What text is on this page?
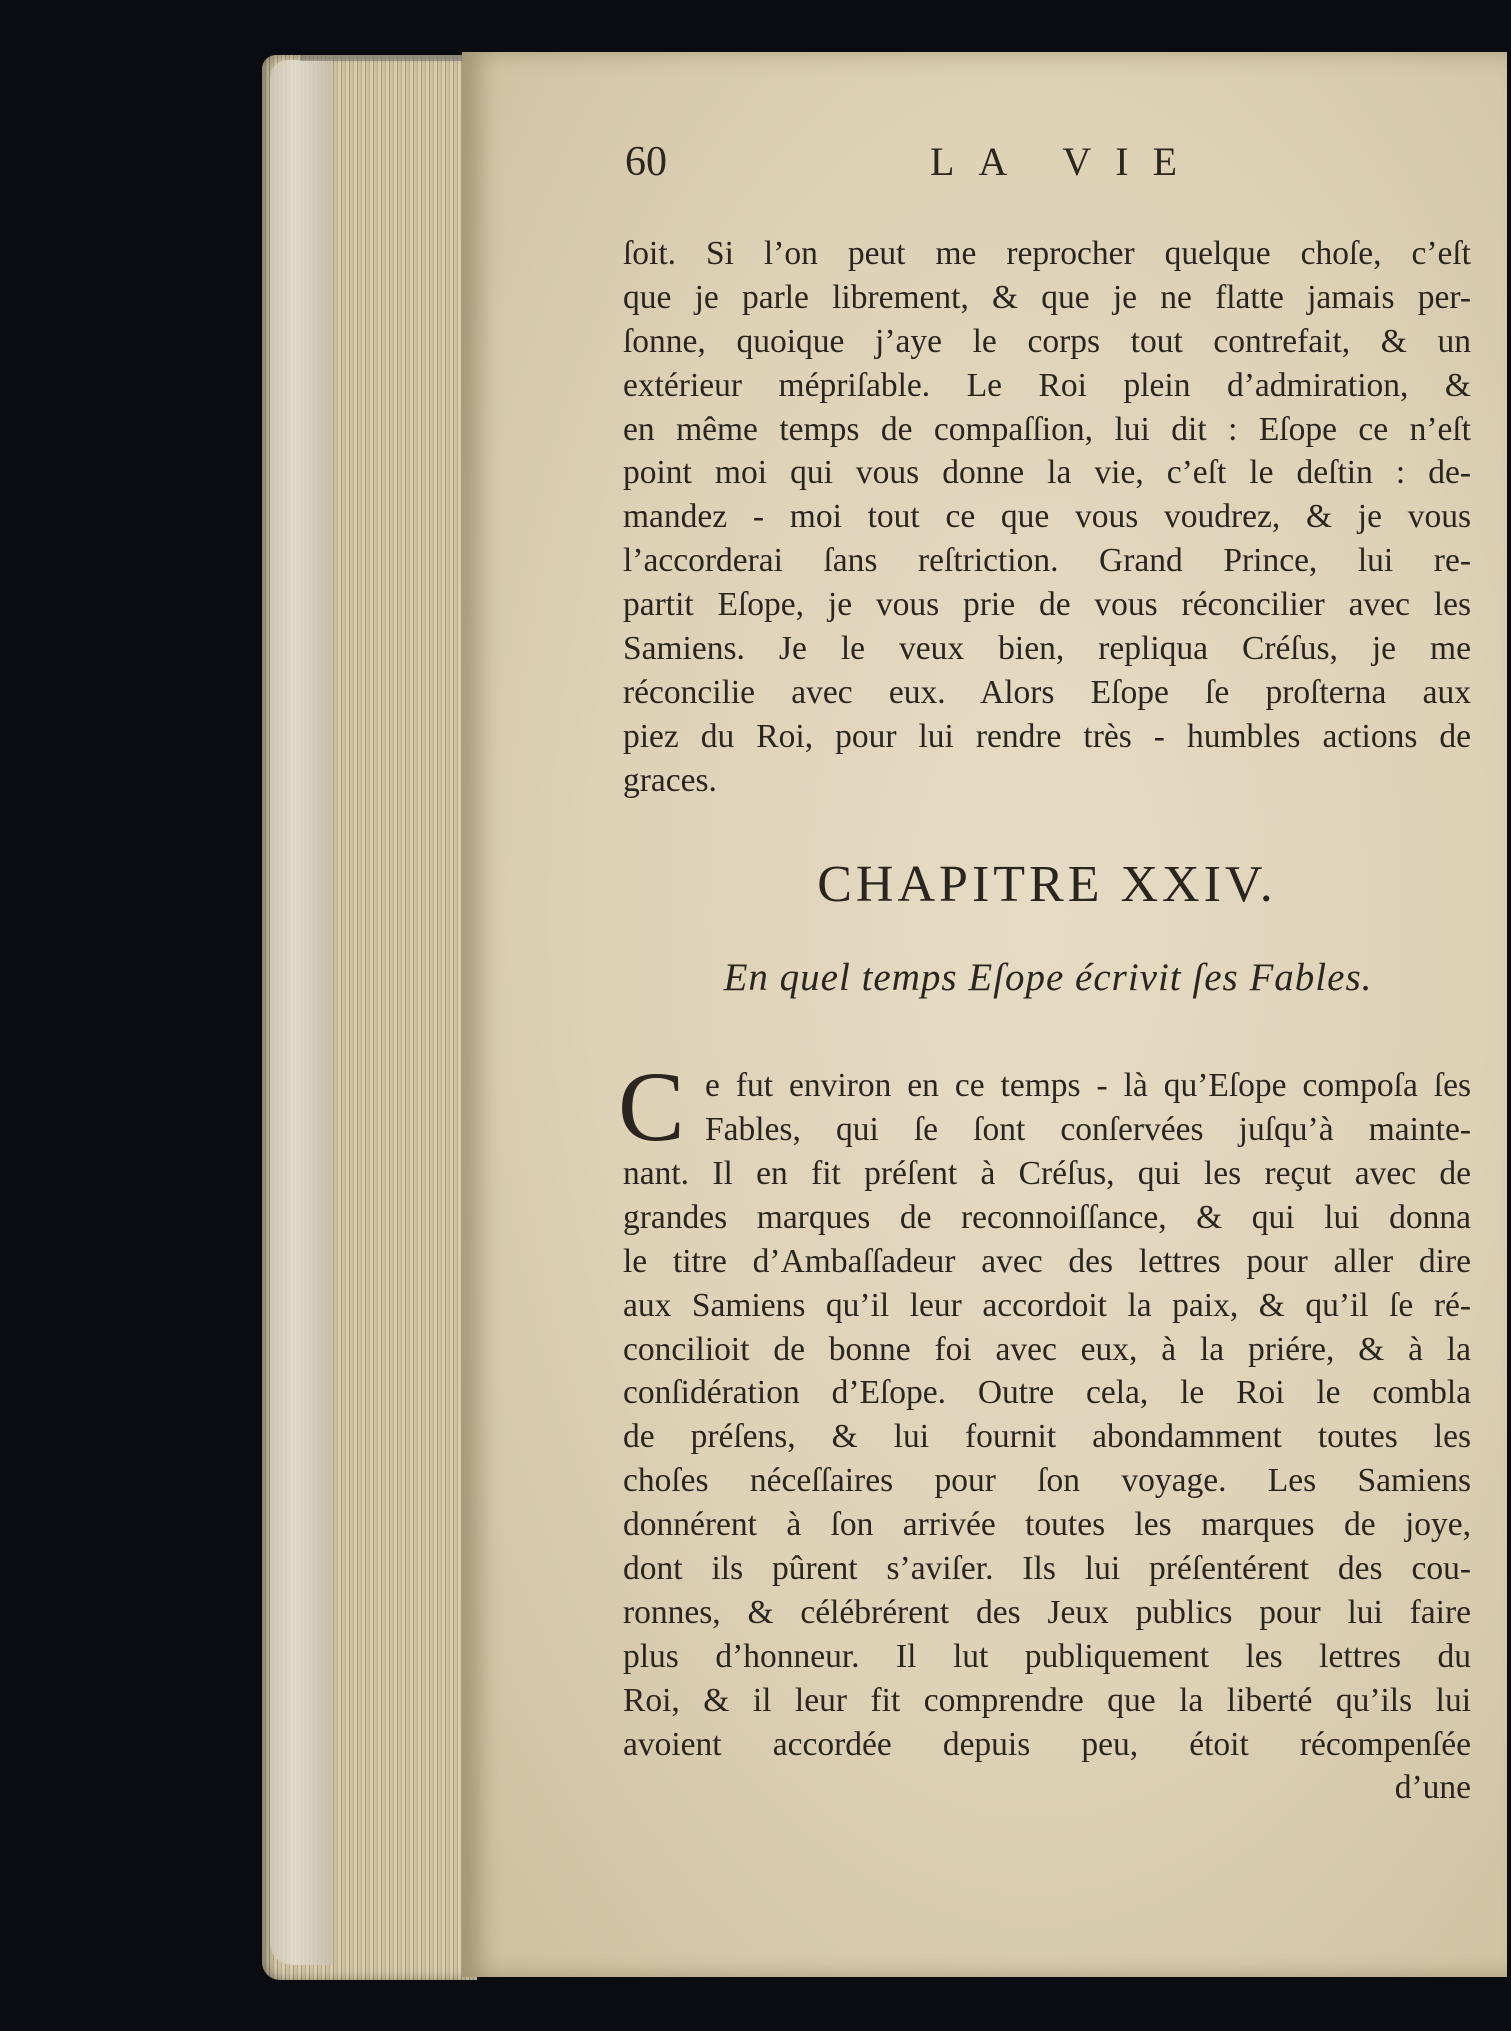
60	LA VIE
ſoit. Si l’on peut me reprocher quelque choſe, c’eſt
que je parle librement, & que je ne flatte jamais per-
ſonne, quoique j’aye le corps tout contrefait, & un
extérieur mépriſable. Le Roi plein d’admiration, &
en même temps de compaſſion, lui dit : Eſope ce n’eſt
point moi qui vous donne la vie, c’eſt le deſtin : de-
mandez - moi tout ce que vous voudrez, & je vous
l’accorderai ſans reſtriction. Grand Prince, lui re-
partit Eſope, je vous prie de vous réconcilier avec les
Samiens. Je le veux bien, repliqua Créſus, je me
réconcilie avec eux. Alors Eſope ſe proſterna aux
piez du Roi, pour lui rendre très - humbles actions de
graces.
CHAPITRE XXIV.
En quel temps Eſope écrivit ſes Fables.
C e fut environ en ce temps - là qu’Eſope compoſa ſes
Fables, qui ſe ſont conſervées juſqu’à mainte-
nant. Il en fit préſent à Créſus, qui les reçut avec de
grandes marques de reconnoiſſance, & qui lui donna
le titre d’Ambaſſadeur avec des lettres pour aller dire
aux Samiens qu’il leur accordoit la paix, & qu’il ſe ré-
concilioit de bonne foi avec eux, à la priére, & à la
conſidération d’Eſope. Outre cela, le Roi le combla
de préſens, & lui fournit abondamment toutes les
choſes néceſſaires pour ſon voyage. Les Samiens
donnérent à ſon arrivée toutes les marques de joye,
dont ils pûrent s’aviſer. Ils lui préſentérent des cou-
ronnes, & célébrérent des Jeux publics pour lui faire
plus d’honneur. Il lut publiquement les lettres du
Roi, & il leur fit comprendre que la liberté qu’ils lui
avoient accordée depuis peu, étoit récompenſée
d’une
